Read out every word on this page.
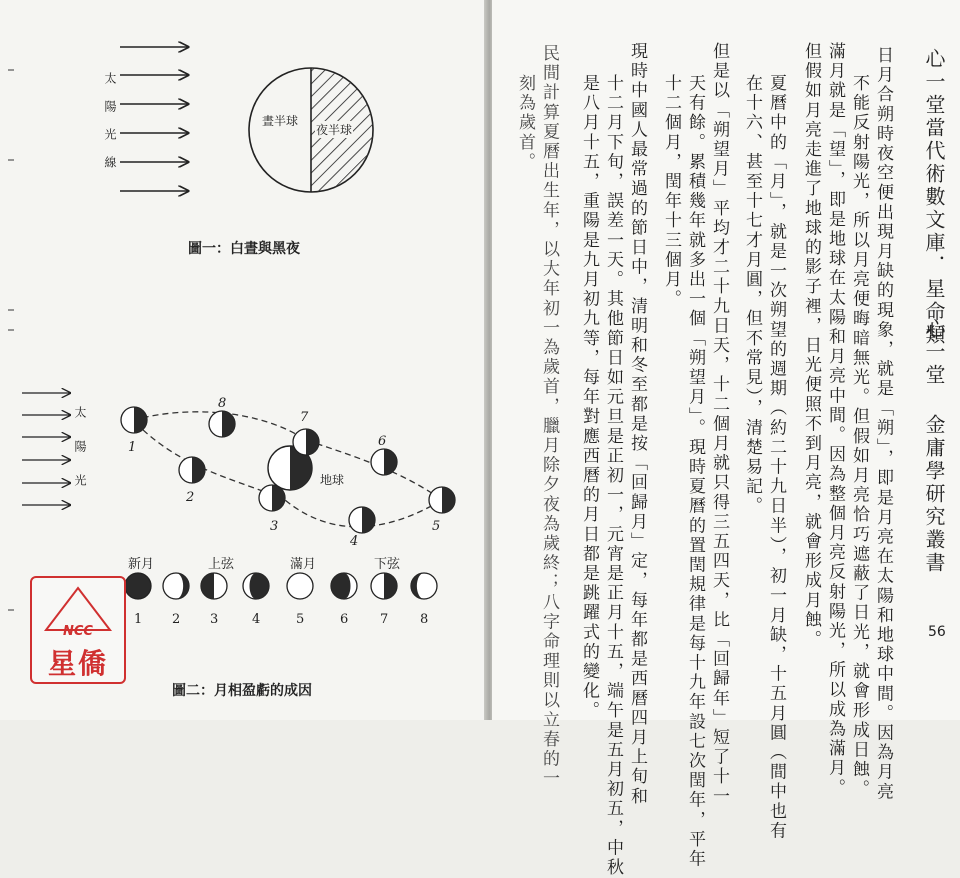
太陽光線	晝半球
夜半球
圖一：白晝與黑夜
1
2
3
4
5
6
7
8
太陽光	地球
新月	上弦	滿月	下弦
1 2 3	4	5	6 7 8
圖二：月相盈虧的成因
NCC
星僑
心一堂當代術數文庫．星命類
心一堂 金庸學研究叢書
日月合朔時夜空便出現月缺的現象，就是「朔」，即是月亮在太陽和地球中間。因為月亮
不能反射陽光，所以月亮便晦暗無光。但假如月亮恰巧遮蔽了日光，就會形成日蝕。
滿月就是「望」，即是地球在太陽和月亮中間。因為整個月亮反射陽光，所以成為滿月。
但假如月亮走進了地球的影子裡，日光便照不到月亮，就會形成月蝕。
夏曆中的「月」，就是一次朔望的週期（約二十九日半），初一月缺，十五月圓（間中也有
在十六、甚至十七才月圓，但不常見），清楚易記。
但是以「朔望月」平均才二十九日天，十二個月就只得三五四天，比「回歸年」短了十一
天有餘。累積幾年就多出一個「朔望月」。現時夏曆的置閏規律是每十九年設七次閏年，平年
十二個月，閏年十三個月。
現時中國人最常過的節日中，清明和冬至都是按「回歸月」定，每年都是西曆四月上旬和
十二月下旬，誤差一天。其他節日如元旦是正初一，元宵是正月十五，端午是五月初五，中秋
是八月十五，重陽是九月初九等，每年對應西曆的月日都是跳躍式的變化。
民間計算夏曆出生年，以大年初一為歲首，臘月除夕夜為歲終；八字命理則以立春的一
刻為歲首。
56
